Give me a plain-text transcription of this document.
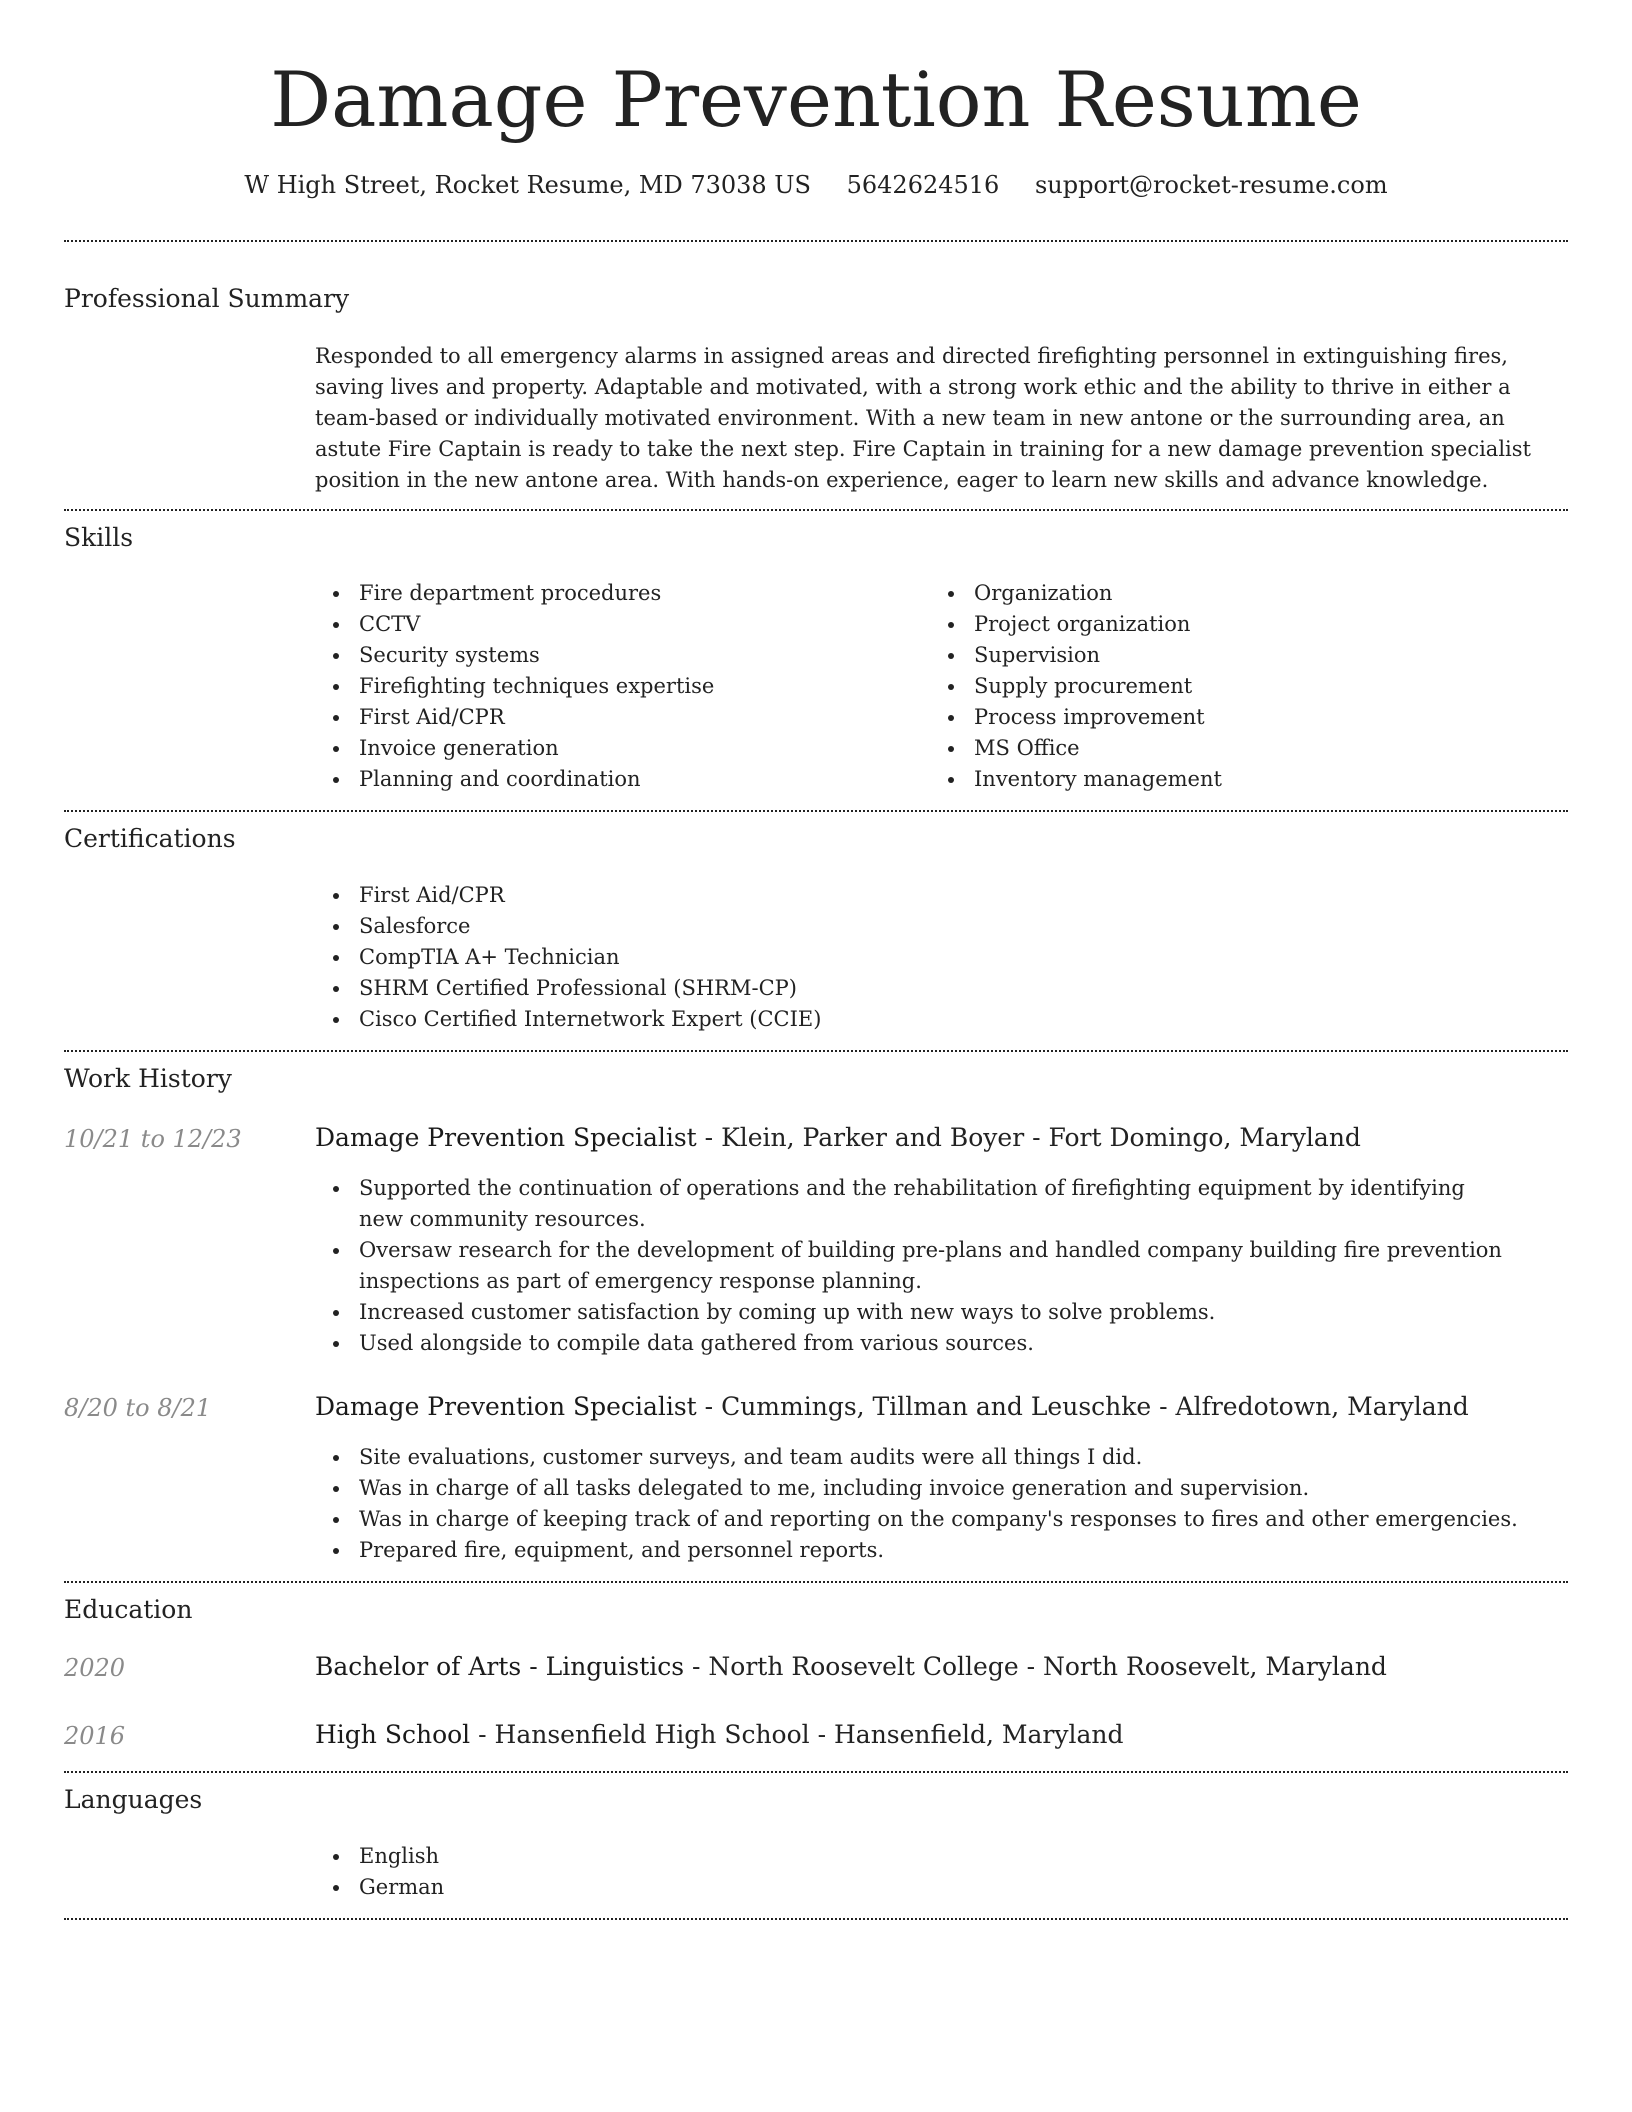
Damage Prevention Resume
W High Street, Rocket Resume, MD 73038 US 5642624516 support@rocket-resume.com
Professional Summary
Responded to all emergency alarms in assigned areas and directed firefighting personnel in extinguishing fires, saving lives and property. Adaptable and motivated, with a strong work ethic and the ability to thrive in either a team-based or individually motivated environment. With a new team in new antone or the surrounding area, an astute Fire Captain is ready to take the next step. Fire Captain in training for a new damage prevention specialist position in the new antone area. With hands-on experience, eager to learn new skills and advance knowledge.
Skills
Fire department procedures
CCTV
Security systems
Firefighting techniques expertise
First Aid/CPR
Invoice generation
Planning and coordination
Organization
Project organization
Supervision
Supply procurement
Process improvement
MS Office
Inventory management
Certifications
First Aid/CPR
Salesforce
CompTIA A+ Technician
SHRM Certified Professional (SHRM-CP)
Cisco Certified Internetwork Expert (CCIE)
Work History
10/21 to 12/23	Damage Prevention Specialist - Klein, Parker and Boyer - Fort Domingo, Maryland
Supported the continuation of operations and the rehabilitation of firefighting equipment by identifying new community resources.
Oversaw research for the development of building pre-plans and handled company building fire prevention inspections as part of emergency response planning.
Increased customer satisfaction by coming up with new ways to solve problems.
Used alongside to compile data gathered from various sources.
8/20 to 8/21	Damage Prevention Specialist - Cummings, Tillman and Leuschke - Alfredotown, Maryland
Site evaluations, customer surveys, and team audits were all things I did.
Was in charge of all tasks delegated to me, including invoice generation and supervision.
Was in charge of keeping track of and reporting on the company's responses to fires and other emergencies.
Prepared fire, equipment, and personnel reports.
Education
2020	Bachelor of Arts - Linguistics - North Roosevelt College - North Roosevelt, Maryland
2016	High School - Hansenfield High School - Hansenfield, Maryland
Languages
English
German
